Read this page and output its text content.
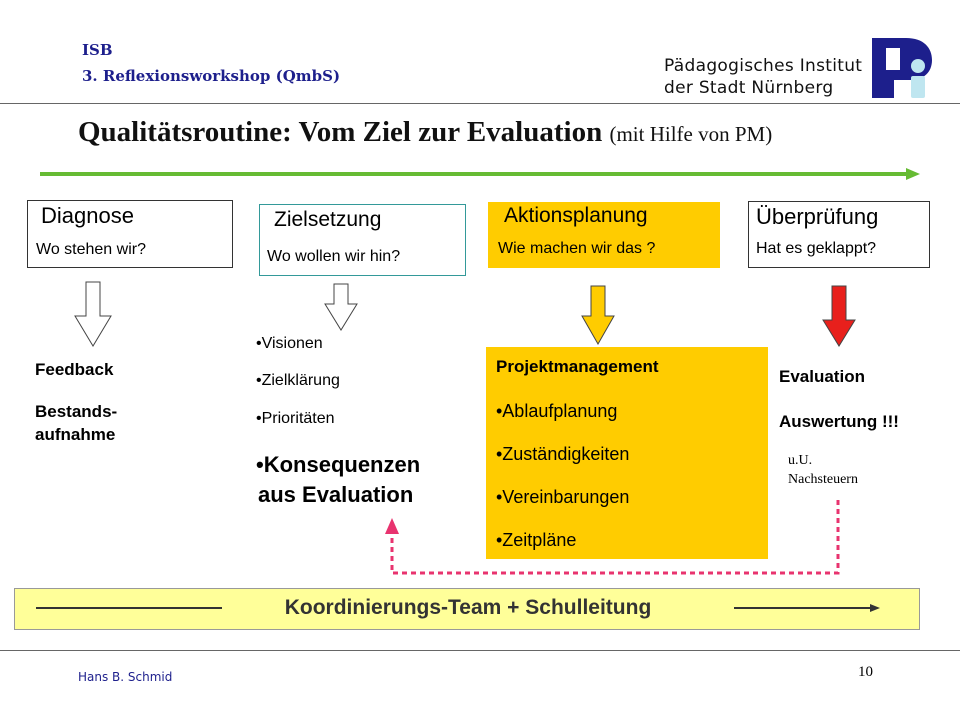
ISB
3. Reflexionsworkshop (QmbS)	Pädagogisches Institut
der Stadt Nürnberg
Qualitätsroutine: Vom Ziel zur Evaluation (mit Hilfe von PM)
Diagnose
Wo stehen wir?
Zielsetzung
Wo wollen wir hin?
Aktionsplanung
Wie machen wir das ?
Überprüfung
Hat es geklappt?
Feedback
Bestands-
aufnahme
•Visionen
•Zielklärung
•Prioritäten
•Konsequenzen
aus Evaluation
Projektmanagement
•Ablaufplanung
•Zuständigkeiten
•Vereinbarungen
•Zeitpläne
Evaluation
Auswertung !!!
u.U.
Nachsteuern
Koordinierungs-Team + Schulleitung
Hans B. Schmid	10
